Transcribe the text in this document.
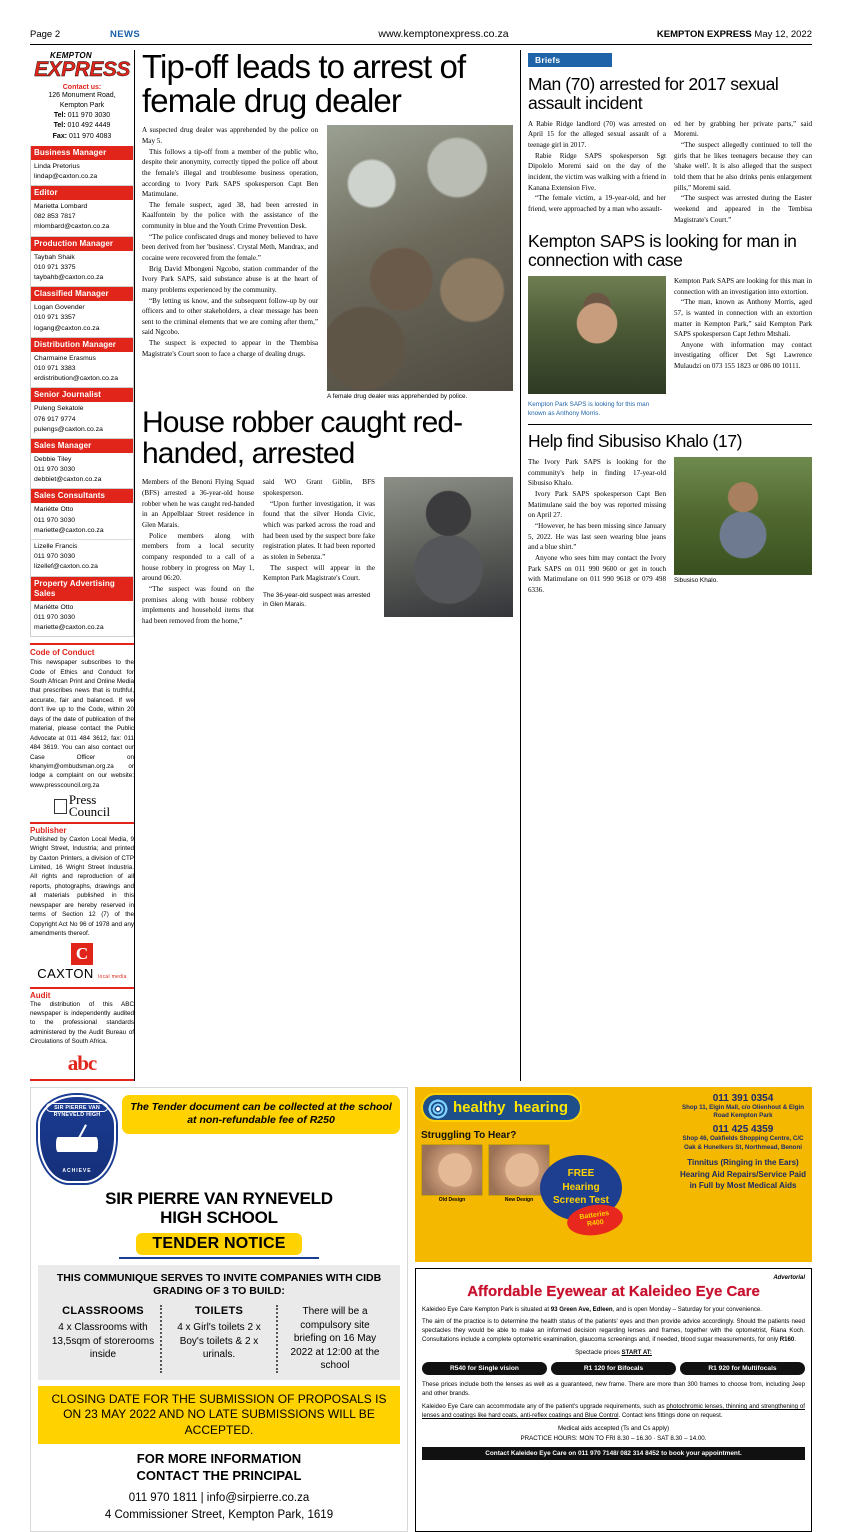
Page 2	NEWS	www.kemptonexpress.co.za	KEMPTON EXPRESS May 12, 2022
KEMPTON
EXPRESS
Contact us:
126 Monument Road,
Kempton Park
Tel: 011 970 3030
Tel: 010 492 4449
Fax: 011 970 4083
Business Manager
Linda Pretorius
lindap@caxton.co.za
Editor
Marietta Lombard
082 853 7817
mlombard@caxton.co.za
Production Manager
Taybah Shaik
010 971 3375
taybahb@caxton.co.za
Classified Manager
Logan Govender
010 971 3357
logang@caxton.co.za
Distribution Manager
Charmaine Erasmus
010 971 3383
erdistribution@caxton.co.za
Senior Journalist
Puleng Sekatole
076 917 9774
pulengs@caxton.co.za
Sales Manager
Debbie Tiley
011 970 3030
debbiet@caxton.co.za
Sales Consultants
Mariétte Otto
011 970 3030
mariette@caxton.co.za
Lizelle Francis
011 970 3030
lizellef@caxton.co.za
Property Advertising Sales
Mariétte Otto
011 970 3030
mariette@caxton.co.za
Code of Conduct
This newspaper subscribes to the Code of Ethics and Conduct for South African Print and Online Media that prescribes news that is truthful, accurate, fair and balanced. If we don't live up to the Code, within 20 days of the date of publication of the material, please contact the Public Advocate at 011 484 3612, fax: 011 484 3619. You can also contact our Case Officer on khanyim@ombudsman.org.za or lodge a complaint on our website: www.presscouncil.org.za
Press
Council
Publisher
Published by Caxton Local Media, 9 Wright Street, Industria; and printed by Caxton Printers, a division of CTP Limited, 16 Wright Street Industria. All rights and reproduction of all reports, photographs, drawings and all materials published in this newspaper are hereby reserved in terms of Section 12 (7) of the Copyright Act No 96 of 1978 and any amendments thereof.
C
CAXTON local media
Audit
The distribution of this ABC newspaper is independently audited to the professional standards administered by the Audit Bureau of Circulations of South Africa.
abc
Tip-off leads to arrest of female drug dealer

A suspected drug dealer was apprehended by the police on May 5.

This follows a tip-off from a member of the public who, despite their anonymity, correctly tipped the police off about the female's illegal and troublesome business operation, according to Ivory Park SAPS spokesperson Capt Ben Matimulane.

The female suspect, aged 38, had been arrested in Kaalfontein by the police with the assistance of the community in blue and the Youth Crime Prevention Desk.

“The police confiscated drugs and money believed to have been derived from her 'business'. Crystal Meth, Mandrax, and cocaine were recovered from the female.”

Brig David Mbongeni Ngcobo, station commander of the Ivory Park SAPS, said substance abuse is at the heart of many problems experienced by the community.

“By letting us know, and the subsequent follow-up by our officers and to other stakeholders, a clear message has been sent to the criminal elements that we are coming after them,” said Ngcobo.

The suspect is expected to appear in the Thembisa Magistrate's Court soon to face a charge of dealing drugs.

A female drug dealer was apprehended by police.
House robber caught red-handed, arrested

Members of the Benoni Flying Squad (BFS) arrested a 36-year-old house robber when he was caught red-handed in an Appelblaar Street residence in Glen Marais.

Police members along with members from a local security company responded to a call of a house robbery in progress on May 1, around 06:20.

“The suspect was found on the premises along with house robbery implements and household items that had been removed from the home,”

said WO Grant Giblin, BFS spokesperson.

“Upon further investigation, it was found that the silver Honda Civic, which was parked across the road and had been used by the suspect bore fake registration plates. It had been reported as stolen in Sebenza.”

The suspect will appear in the Kempton Park Magistrate's Court.

The 36-year-old suspect was arrested in Glen Marais.
Briefs
Man (70) arrested for 2017 sexual assault incident

A Rabie Ridge landlord (70) was arrested on April 15 for the alleged sexual assault of a teenage girl in 2017.

Rabie Ridge SAPS spokesperson Sgt Dipolelo Moremi said on the day of the incident, the victim was walking with a friend in Kanana Extension Five.

“The female victim, a 19-year-old, and her friend, were approached by a man who assault-

ed her by grabbing her private parts,” said Moremi.

“The suspect allegedly continued to tell the girls that he likes teenagers because they can 'shake well'. It is also alleged that the suspect told them that he also drinks penis enlargement pills,” Moremi said.

“The suspect was arrested during the Easter weekend and appeared in the Tembisa Magistrate's Court.”

Kempton SAPS is looking for man in connection with case

Kempton Park SAPS are looking for this man in connection with an investigation into extortion.

“The man, known as Anthony Morris, aged 57, is wanted in connection with an extortion matter in Kempton Park,” said Kempton Park SAPS spokesperson Capt Jethro Mtshali.

Anyone with information may contact investigating officer Det Sgt Lawrence Mulaudzi on 073 155 1823 or 086 00 10111.

Kempton Park SAPS is looking for this man known as Anthony Morris.
Help find Sibusiso Khalo (17)

The Ivory Park SAPS is looking for the community's help in finding 17-year-old Sibusiso Khalo.

Ivory Park SAPS spokesperson Capt Ben Matimulane said the boy was reported missing on April 27.

“However, he has been missing since January 5, 2022. He was last seen wearing blue jeans and a blue shirt.”

Anyone who sees him may contact the Ivory Park SAPS on 011 990 9600 or get in touch with Matimulane on 011 990 9618 or 079 498 6336.

Sibusiso Khalo.
SIR PIERRE VAN RYNEVELD HIGH
ACHIEVE
The Tender document can be collected at the school at non-refundable fee of R250
SIR PIERRE VAN RYNEVELD
HIGH SCHOOL
TENDER NOTICE
THIS COMMUNIQUE SERVES TO INVITE COMPANIES WITH CIDB GRADING OF 3 TO BUILD:
CLASSROOMS

4 x Classrooms with 13,5sqm of storerooms inside

TOILETS

4 x Girl's toilets 2 x Boy's toilets & 2 x urinals.

There will be a compulsory site briefing on 16 May 2022 at 12:00 at the school

CLOSING DATE FOR THE SUBMISSION OF PROPOSALS IS ON 23 MAY 2022 AND NO LATE SUBMISSIONS WILL BE ACCEPTED.
FOR MORE INFORMATION
CONTACT THE PRINCIPAL
011 970 1811 | info@sirpierre.co.za
4 Commissioner Street, Kempton Park, 1619
healthy hearing
Struggling To Hear?
Old Design	New Design
FREE
Hearing
Screen Test
Batteries
R400
011 391 0354
Shop 11, Elgin Mall, c/o Olienhout & Elgin Road Kempton Park
011 425 4359
Shop 46, Oakfields Shopping Centre, C/C Oak & Hunelkers St, Northmead, Benoni
Tinnitus (Ringing in the Ears) Hearing Aid Repairs/Service Paid in Full by Most Medical Aids
Advertorial
Affordable Eyewear at Kaleideo Eye Care
Kaleideo Eye Care Kempton Park is situated at 93 Green Ave, Edleen, and is open Monday – Saturday for your convenience.
The aim of the practice is to determine the health status of the patients' eyes and then provide advice accordingly. Should the patients need spectacles they would be able to make an informed decision regarding lenses and frames, together with the optometrist, Riana Koch. Consultations include a complete optometric examination, glaucoma screenings and, if needed, blood sugar measurements, for only R160.
Spectacle prices START AT:
R540 for Single vision	R1 120 for Bifocals	R1 920 for Multifocals
These prices include both the lenses as well as a guaranteed, new frame. There are more than 300 frames to choose from, including Jeep and other brands.
Kaleideo Eye Care can accommodate any of the patient's upgrade requirements, such as photochromic lenses, thinning and strengthening of lenses and coatings like hard coats, anti-reflex coatings and Blue Control. Contact lens fittings done on request.
Medical aids accepted (Ts and Cs apply)
PRACTICE HOURS: MON TO FRI 8.30 – 16.30 · SAT 8.30 – 14.00.
Contact Kaleideo Eye Care on 011 970 7148/ 082 314 8452 to book your appointment.
